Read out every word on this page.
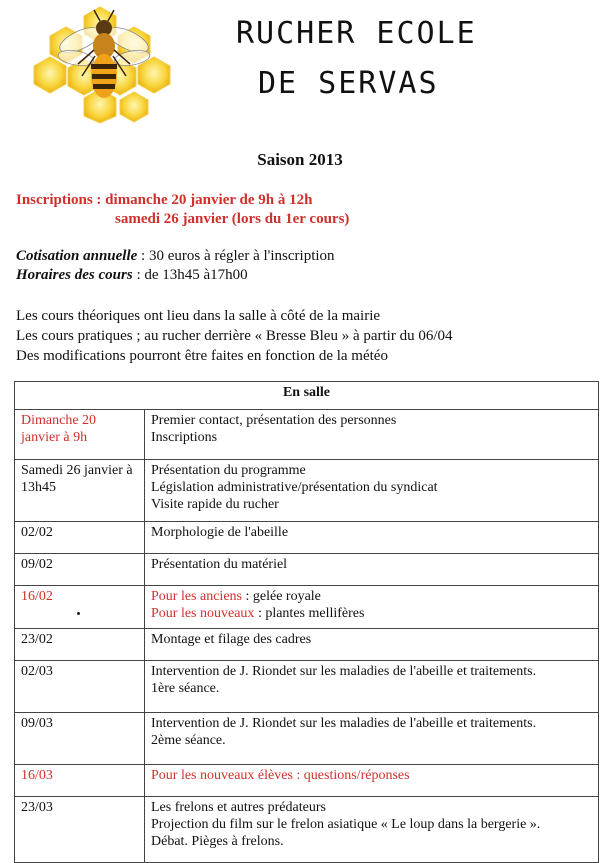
RUCHER ECOLE
DE SERVAS
Saison 2013
Inscriptions : dimanche 20 janvier de 9h à 12h
samedi 26 janvier (lors du 1er cours)
Cotisation annuelle : 30 euros à régler à l'inscription
Horaires des cours : de 13h45 à17h00
Les cours théoriques ont lieu dans la salle à côté de la mairie
Les cours pratiques ; au rucher derrière « Bresse Bleu » à partir du 06/04
Des modifications pourront être faites en fonction de la météo
En salle	
Dimanche 20 janvier à 9h	Premier contact, présentation des personnes
Inscriptions

Samedi 26 janvier à 13h45	Présentation du programme
Législation administrative/présentation du syndicat
Visite rapide du rucher

02/02	Morphologie de l'abeille

09/02	Présentation du matériel

16/02	Pour les anciens : gelée royale
Pour les nouveaux : plantes mellifères

23/02	Montage et filage des cadres

02/03	Intervention de J. Riondet sur les maladies de l'abeille et traitements.
1ère séance.

09/03	Intervention de J. Riondet sur les maladies de l'abeille et traitements.
2ème séance.

16/03	Pour les nouveaux élèves : questions/réponses

23/03	Les frelons et autres prédateurs
Projection du film sur le frelon asiatique « Le loup dans la bergerie ».
Débat. Pièges à frelons.
